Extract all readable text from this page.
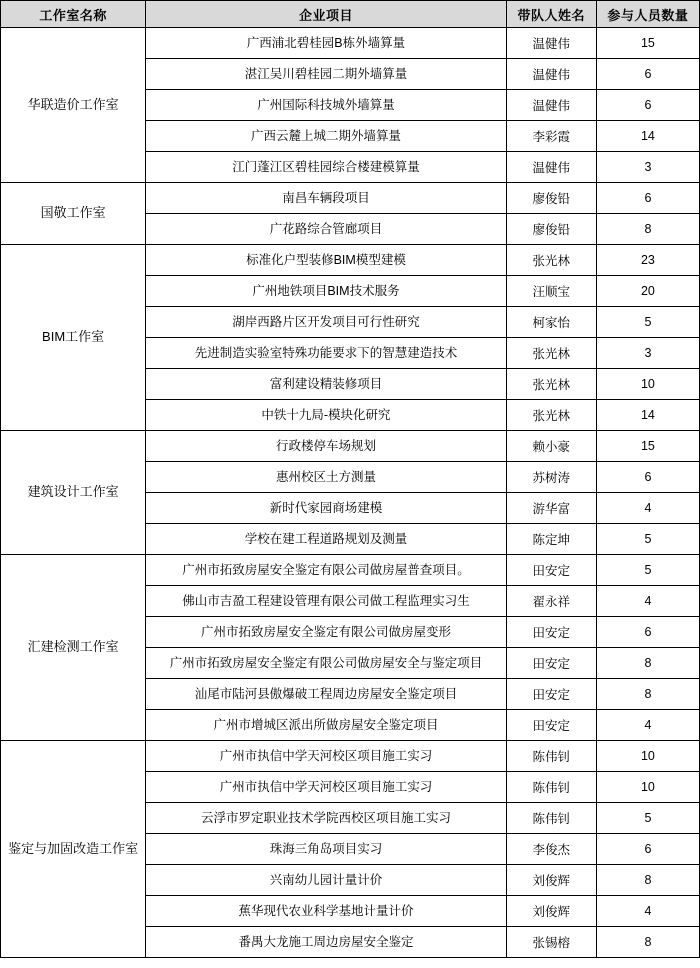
工作室名称	企业项目	带队人姓名	参与人员数量
华联造价工作室	广西浦北碧桂园B栋外墙算量	温健伟	15
	湛江吴川碧桂园二期外墙算量	温健伟	6
	广州国际科技城外墙算量	温健伟	6
	广西云麓上城二期外墙算量	李彩霞	14
	江门蓬江区碧桂园综合楼建模算量	温健伟	3
国敬工作室	南昌车辆段项目	廖俊铅	6
	广花路综合管廊项目	廖俊铅	8
BIM工作室	标准化户型装修BIM模型建模	张光林	23
	广州地铁项目BIM技术服务	汪顺宝	20
	湖岸西路片区开发项目可行性研究	柯家怡	5
	先进制造实验室特殊功能要求下的智慧建造技术	张光林	3
	富利建设精装修项目	张光林	10
	中铁十九局-模块化研究	张光林	14
建筑设计工作室	行政楼停车场规划	赖小豪	15
	惠州校区土方测量	苏树涛	6
	新时代家园商场建模	游华富	4
	学校在建工程道路规划及测量	陈定坤	5
汇建检测工作室	广州市拓致房屋安全鉴定有限公司做房屋普查项目。	田安定	5
	佛山市吉盈工程建设管理有限公司做工程监理实习生	翟永祥	4
	广州市拓致房屋安全鉴定有限公司做房屋变形	田安定	6
	广州市拓致房屋安全鉴定有限公司做房屋安全与鉴定项目	田安定	8
	汕尾市陆河县傲爆破工程周边房屋安全鉴定项目	田安定	8
	广州市增城区派出所做房屋安全鉴定项目	田安定	4
鉴定与加固改造工作室	广州市执信中学天河校区项目施工实习	陈伟钊	10
	广州市执信中学天河校区项目施工实习	陈伟钊	10
	云浮市罗定职业技术学院西校区项目施工实习	陈伟钊	5
	珠海三角岛项目实习	李俊杰	6
	兴南幼儿园计量计价	刘俊辉	8
	蕉华现代农业科学基地计量计价	刘俊辉	4
	番禺大龙施工周边房屋安全鉴定	张锡榕	8
